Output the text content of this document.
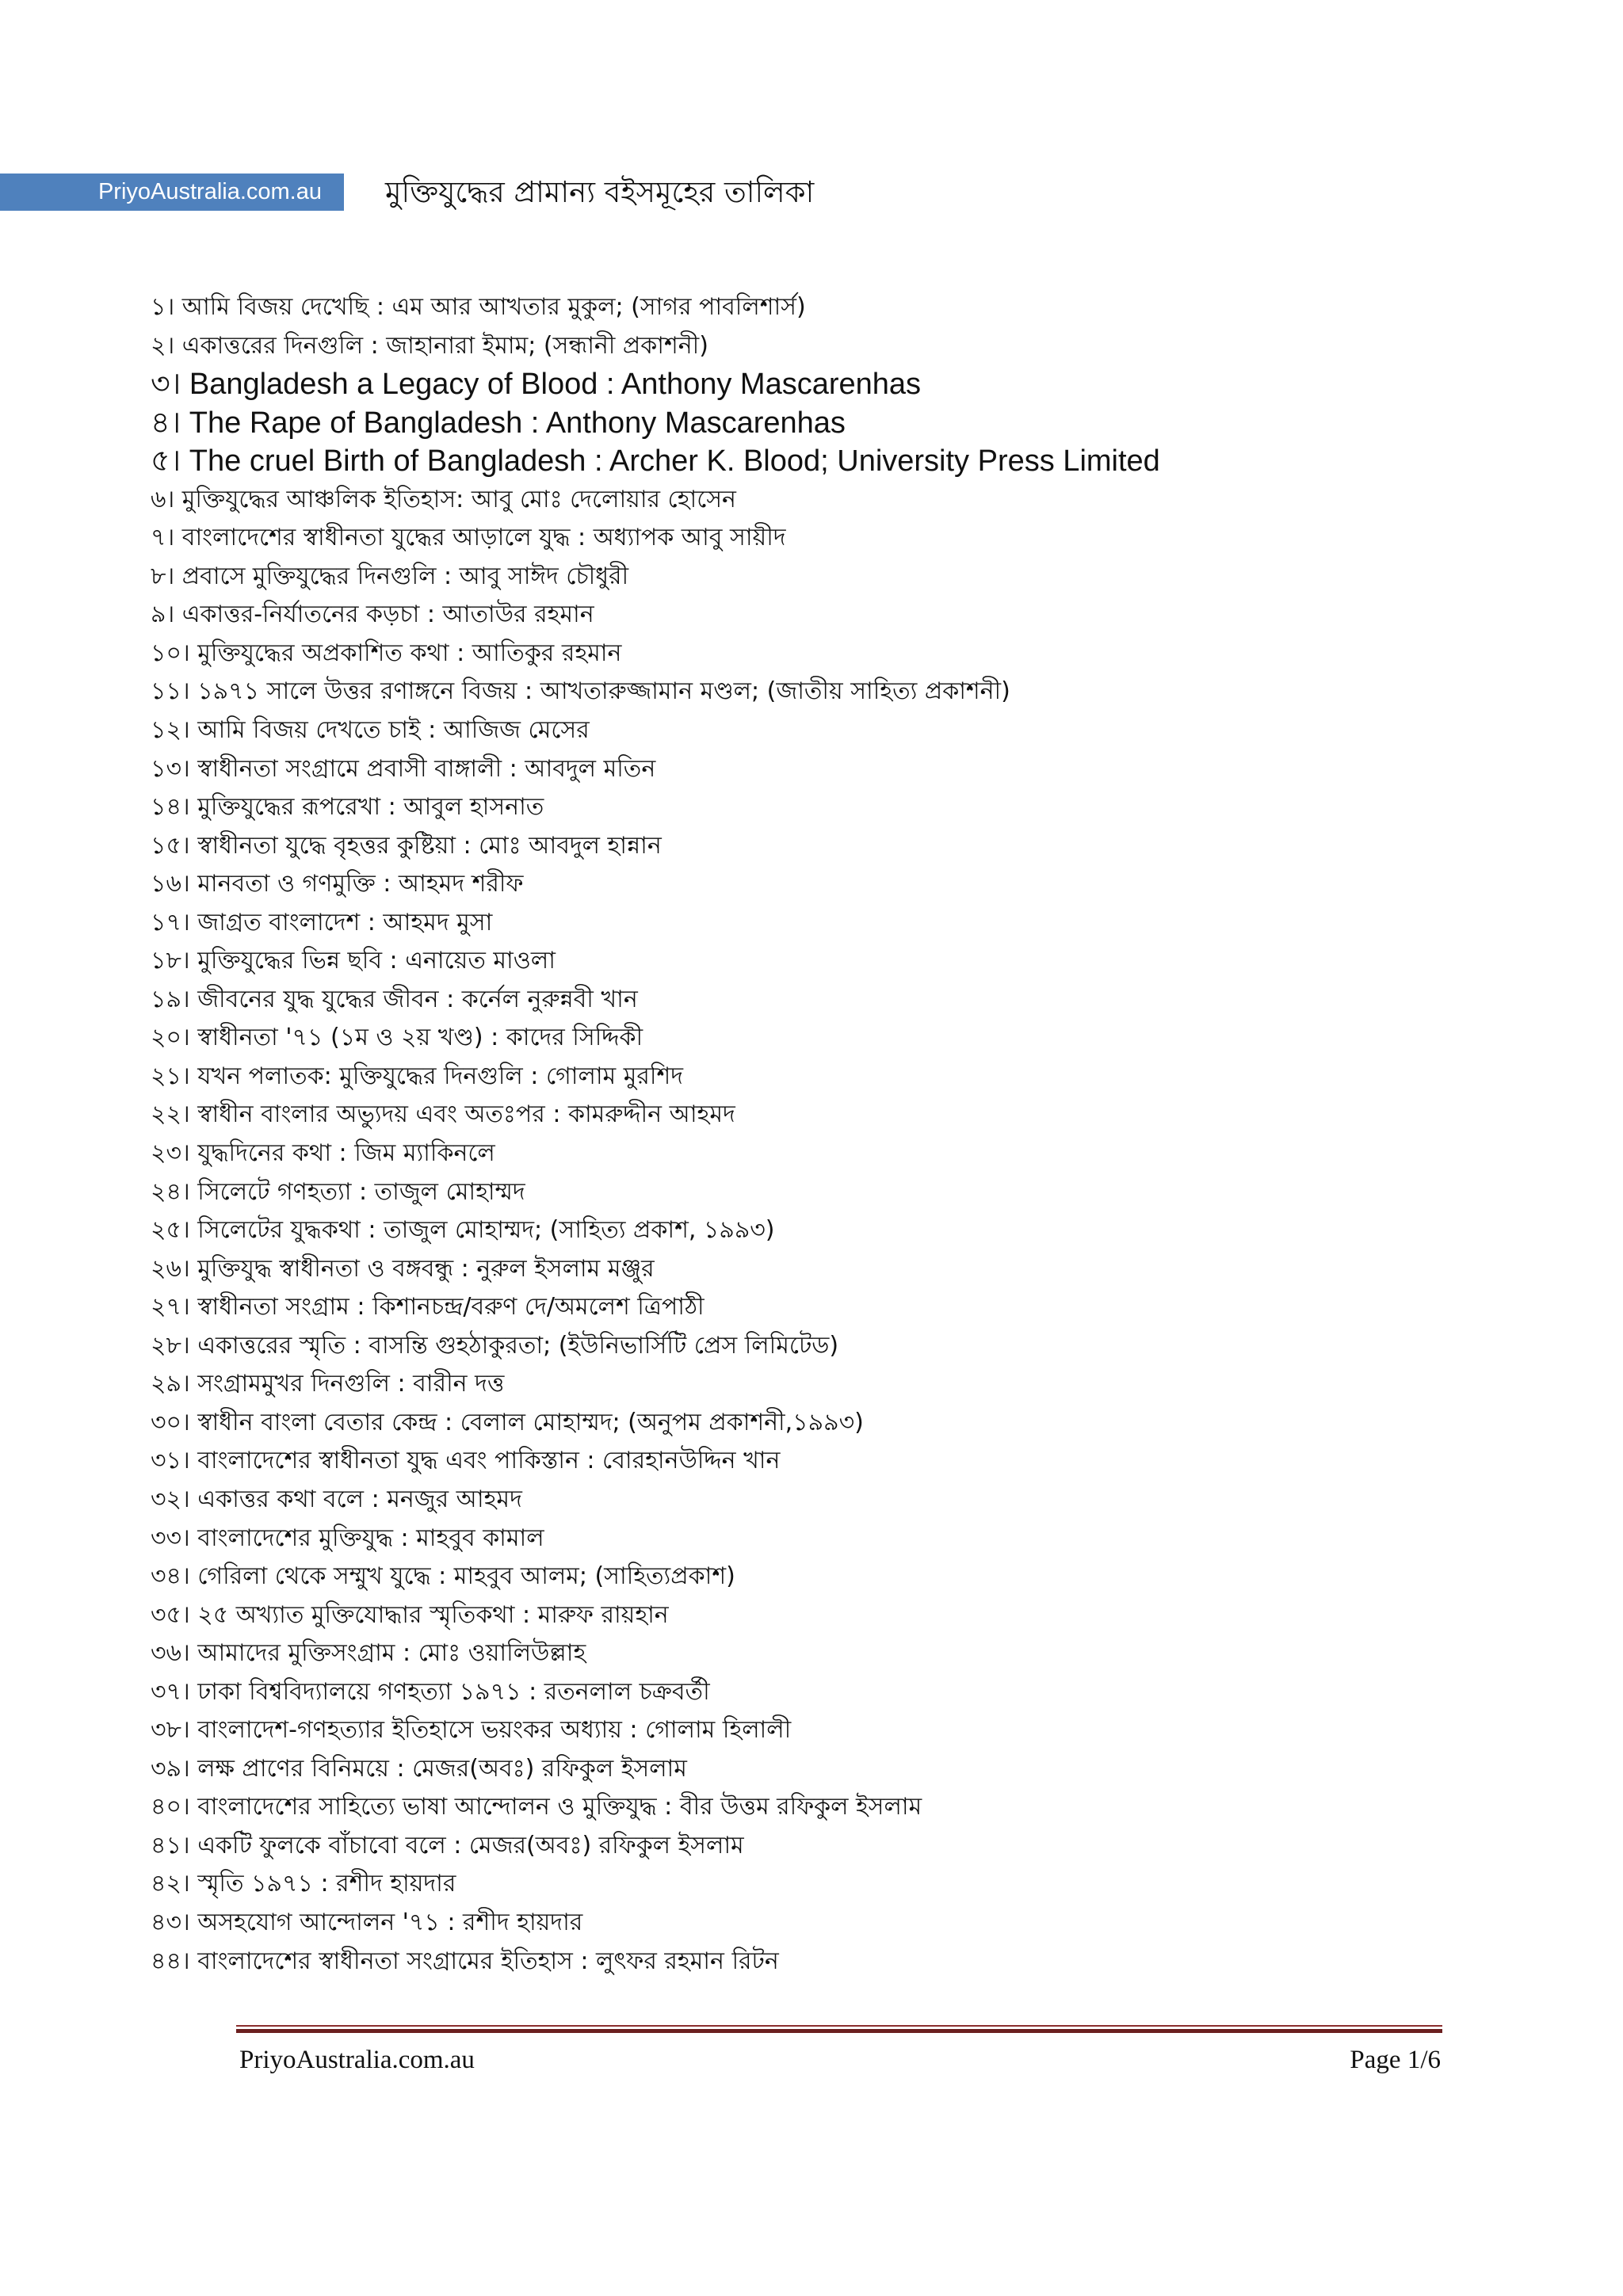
PriyoAustralia.com.au	মুক্তিযুদ্ধের প্রামান্য বইসমূহের তালিকা
১। আমি বিজয় দেখেছি : এম আর আখতার মুকুল; (সাগর পাবলিশার্স)
২। একাত্তরের দিনগুলি : জাহানারা ইমাম; (সন্ধানী প্রকাশনী)
৩। Bangladesh a Legacy of Blood : Anthony Mascarenhas
৪। The Rape of Bangladesh : Anthony Mascarenhas
৫। The cruel Birth of Bangladesh : Archer K. Blood; University Press Limited
৬। মুক্তিযুদ্ধের আঞ্চলিক ইতিহাস: আবু মোঃ দেলোয়ার হোসেন
৭। বাংলাদেশের স্বাধীনতা যুদ্ধের আড়ালে যুদ্ধ : অধ্যাপক আবু সায়ীদ
৮। প্রবাসে মুক্তিযুদ্ধের দিনগুলি : আবু সাঈদ চৌধুরী
৯। একাত্তর-নির্যাতনের কড়চা : আতাউর রহমান
১০। মুক্তিযুদ্ধের অপ্রকাশিত কথা : আতিকুর রহমান
১১। ১৯৭১ সালে উত্তর রণাঙ্গনে বিজয় : আখতারুজ্জামান মণ্ডল; (জাতীয় সাহিত্য প্রকাশনী)
১২। আমি বিজয় দেখতে চাই : আজিজ মেসের
১৩। স্বাধীনতা সংগ্রামে প্রবাসী বাঙ্গালী : আবদুল মতিন
১৪। মুক্তিযুদ্ধের রূপরেখা : আবুল হাসনাত
১৫। স্বাধীনতা যুদ্ধে বৃহত্তর কুষ্টিয়া : মোঃ আবদুল হান্নান
১৬। মানবতা ও গণমুক্তি : আহমদ শরীফ
১৭। জাগ্রত বাংলাদেশ : আহমদ মুসা
১৮। মুক্তিযুদ্ধের ভিন্ন ছবি : এনায়েত মাওলা
১৯। জীবনের যুদ্ধ যুদ্ধের জীবন : কর্নেল নুরুন্নবী খান
২০। স্বাধীনতা '৭১ (১ম ও ২য় খণ্ড) : কাদের সিদ্দিকী
২১। যখন পলাতক: মুক্তিযুদ্ধের দিনগুলি : গোলাম মুরশিদ
২২। স্বাধীন বাংলার অভ্যুদয় এবং অতঃপর : কামরুদ্দীন আহমদ
২৩। যুদ্ধদিনের কথা : জিম ম্যাকিনলে
২৪। সিলেটে গণহত্যা : তাজুল মোহাম্মদ
২৫। সিলেটের যুদ্ধকথা : তাজুল মোহাম্মদ; (সাহিত্য প্রকাশ, ১৯৯৩)
২৬। মুক্তিযুদ্ধ স্বাধীনতা ও বঙ্গবন্ধু : নুরুল ইসলাম মঞ্জুর
২৭। স্বাধীনতা সংগ্রাম : কিশানচন্দ্র/বরুণ দে/অমলেশ ত্রিপাঠী
২৮। একাত্তরের স্মৃতি : বাসন্তি গুহঠাকুরতা; (ইউনিভার্সিটি প্রেস লিমিটেড)
২৯। সংগ্রামমুখর দিনগুলি : বারীন দত্ত
৩০। স্বাধীন বাংলা বেতার কেন্দ্র : বেলাল মোহাম্মদ; (অনুপম প্রকাশনী,১৯৯৩)
৩১। বাংলাদেশের স্বাধীনতা যুদ্ধ এবং পাকিস্তান : বোরহানউদ্দিন খান
৩২। একাত্তর কথা বলে : মনজুর আহমদ
৩৩। বাংলাদেশের মুক্তিযুদ্ধ : মাহবুব কামাল
৩৪। গেরিলা থেকে সম্মুখ যুদ্ধে : মাহবুব আলম; (সাহিত্যপ্রকাশ)
৩৫। ২৫ অখ্যাত মুক্তিযোদ্ধার স্মৃতিকথা : মারুফ রায়হান
৩৬। আমাদের মুক্তিসংগ্রাম : মোঃ ওয়ালিউল্লাহ
৩৭। ঢাকা বিশ্ববিদ্যালয়ে গণহত্যা ১৯৭১ : রতনলাল চক্রবর্তী
৩৮। বাংলাদেশ-গণহত্যার ইতিহাসে ভয়ংকর অধ্যায় : গোলাম হিলালী
৩৯। লক্ষ প্রাণের বিনিময়ে : মেজর(অবঃ) রফিকুল ইসলাম
৪০। বাংলাদেশের সাহিত্যে ভাষা আন্দোলন ও মুক্তিযুদ্ধ : বীর উত্তম রফিকুল ইসলাম
৪১। একটি ফুলকে বাঁচাবো বলে : মেজর(অবঃ) রফিকুল ইসলাম
৪২। স্মৃতি ১৯৭১ : রশীদ হায়দার
৪৩। অসহযোগ আন্দোলন '৭১ : রশীদ হায়দার
৪৪। বাংলাদেশের স্বাধীনতা সংগ্রামের ইতিহাস : লুৎফর রহমান রিটন
PriyoAustralia.com.au	Page 1/6
